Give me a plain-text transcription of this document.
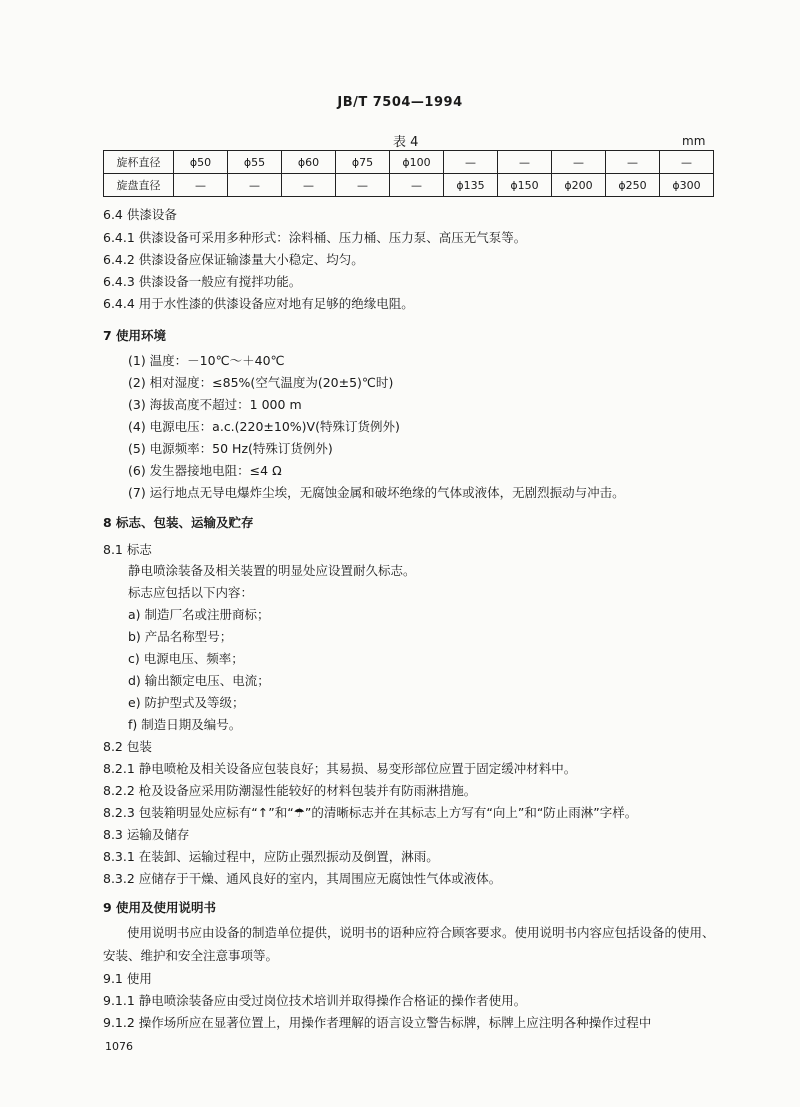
JB/T 7504—1994
表 4	mm
旋杯直径	ϕ50	ϕ55	ϕ60	ϕ75	ϕ100	—	—	—	—	—
旋盘直径	—	—	—	—	—	ϕ135	ϕ150	ϕ200	ϕ250	ϕ300
6.4 供漆设备
6.4.1 供漆设备可采用多种形式：涂料桶、压力桶、压力泵、高压无气泵等。
6.4.2 供漆设备应保证输漆量大小稳定、均匀。
6.4.3 供漆设备一般应有搅拌功能。
6.4.4 用于水性漆的供漆设备应对地有足够的绝缘电阻。
7 使用环境
(1) 温度：－10℃～＋40℃
(2) 相对湿度：≤85%(空气温度为(20±5)℃时)
(3) 海拔高度不超过：1 000 m
(4) 电源电压：a.c.(220±10%)V(特殊订货例外)
(5) 电源频率：50 Hz(特殊订货例外)
(6) 发生器接地电阻：≤4 Ω
(7) 运行地点无导电爆炸尘埃，无腐蚀金属和破坏绝缘的气体或液体，无剧烈振动与冲击。
8 标志、包装、运输及贮存
8.1 标志
静电喷涂装备及相关装置的明显处应设置耐久标志。
标志应包括以下内容：
a) 制造厂名或注册商标；
b) 产品名称型号；
c) 电源电压、频率；
d) 输出额定电压、电流；
e) 防护型式及等级；
f) 制造日期及编号。
8.2 包装
8.2.1 静电喷枪及相关设备应包装良好；其易损、易变形部位应置于固定缓冲材料中。
8.2.2 枪及设备应采用防潮湿性能较好的材料包装并有防雨淋措施。
8.2.3 包装箱明显处应标有“↑”和“☂”的清晰标志并在其标志上方写有“向上”和“防止雨淋”字样。
8.3 运输及储存
8.3.1 在装卸、运输过程中，应防止强烈振动及倒置，淋雨。
8.3.2 应储存于干燥、通风良好的室内，其周围应无腐蚀性气体或液体。
9 使用及使用说明书
使用说明书应由设备的制造单位提供，说明书的语种应符合顾客要求。使用说明书内容应包括设备的使用、安装、维护和安全注意事项等。
9.1 使用
9.1.1 静电喷涂装备应由受过岗位技术培训并取得操作合格证的操作者使用。
9.1.2 操作场所应在显著位置上，用操作者理解的语言设立警告标牌，标牌上应注明各种操作过程中
1076
